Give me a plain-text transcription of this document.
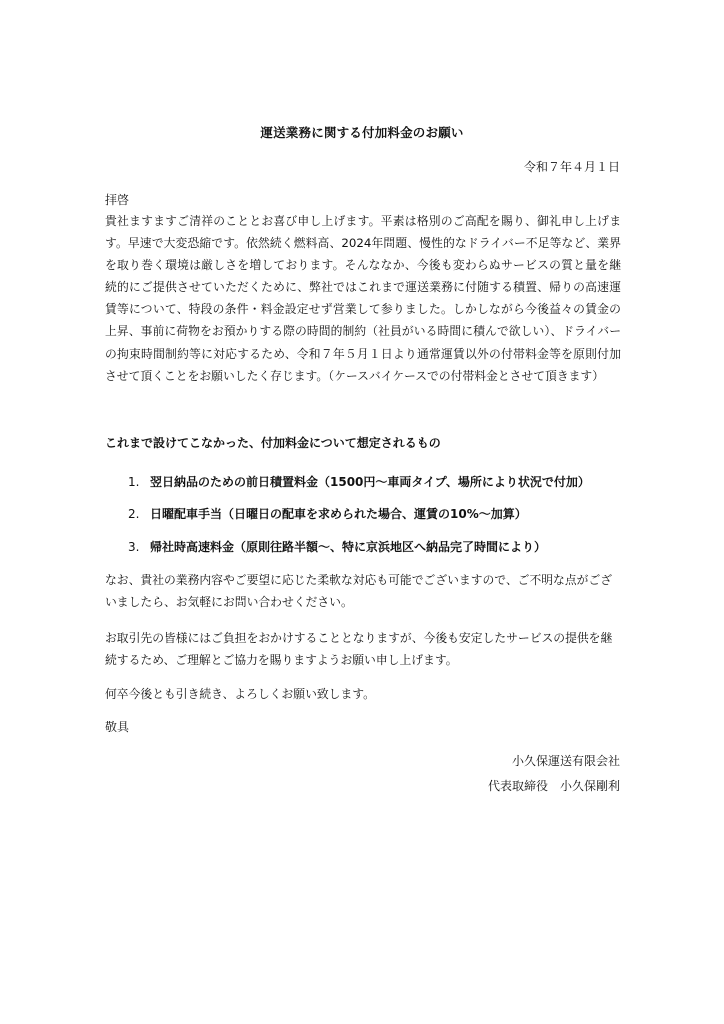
運送業務に関する付加料金のお願い
令和７年４月１日
拝啓
貴社ますますご清祥のこととお喜び申し上げます。平素は格別のご高配を賜り、御礼申し上げます。早速で大変恐縮です。依然続く燃料高、2024年問題、慢性的なドライバー不足等など、業界を取り巻く環境は厳しさを増しております。そんななか、今後も変わらぬサービスの質と量を継続的にご提供させていただくために、弊社ではこれまで運送業務に付随する積置、帰りの高速運賃等について、特段の条件・料金設定せず営業して参りました。しかしながら今後益々の賃金の上昇、事前に荷物をお預かりする際の時間的制約（社員がいる時間に積んで欲しい）、ドライバーの拘束時間制約等に対応するため、令和７年５月１日より通常運賃以外の付帯料金等を原則付加させて頂くことをお願いしたく存じます。（ケースバイケースでの付帯料金とさせて頂きます）
これまで設けてこなかった、付加料金について想定されるもの
1. 翌日納品のための前日積置料金（1500円～車両タイプ、場所により状況で付加）
2. 日曜配車手当（日曜日の配車を求められた場合、運賃の10%～加算）
3. 帰社時高速料金（原則往路半額～、特に京浜地区へ納品完了時間により）
なお、貴社の業務内容やご要望に応じた柔軟な対応も可能でございますので、ご不明な点がございましたら、お気軽にお問い合わせください。
お取引先の皆様にはご負担をおかけすることとなりますが、今後も安定したサービスの提供を継続するため、ご理解とご協力を賜りますようお願い申し上げます。
何卒今後とも引き続き、よろしくお願い致します。
敬具
小久保運送有限会社
代表取締役　小久保剛利
